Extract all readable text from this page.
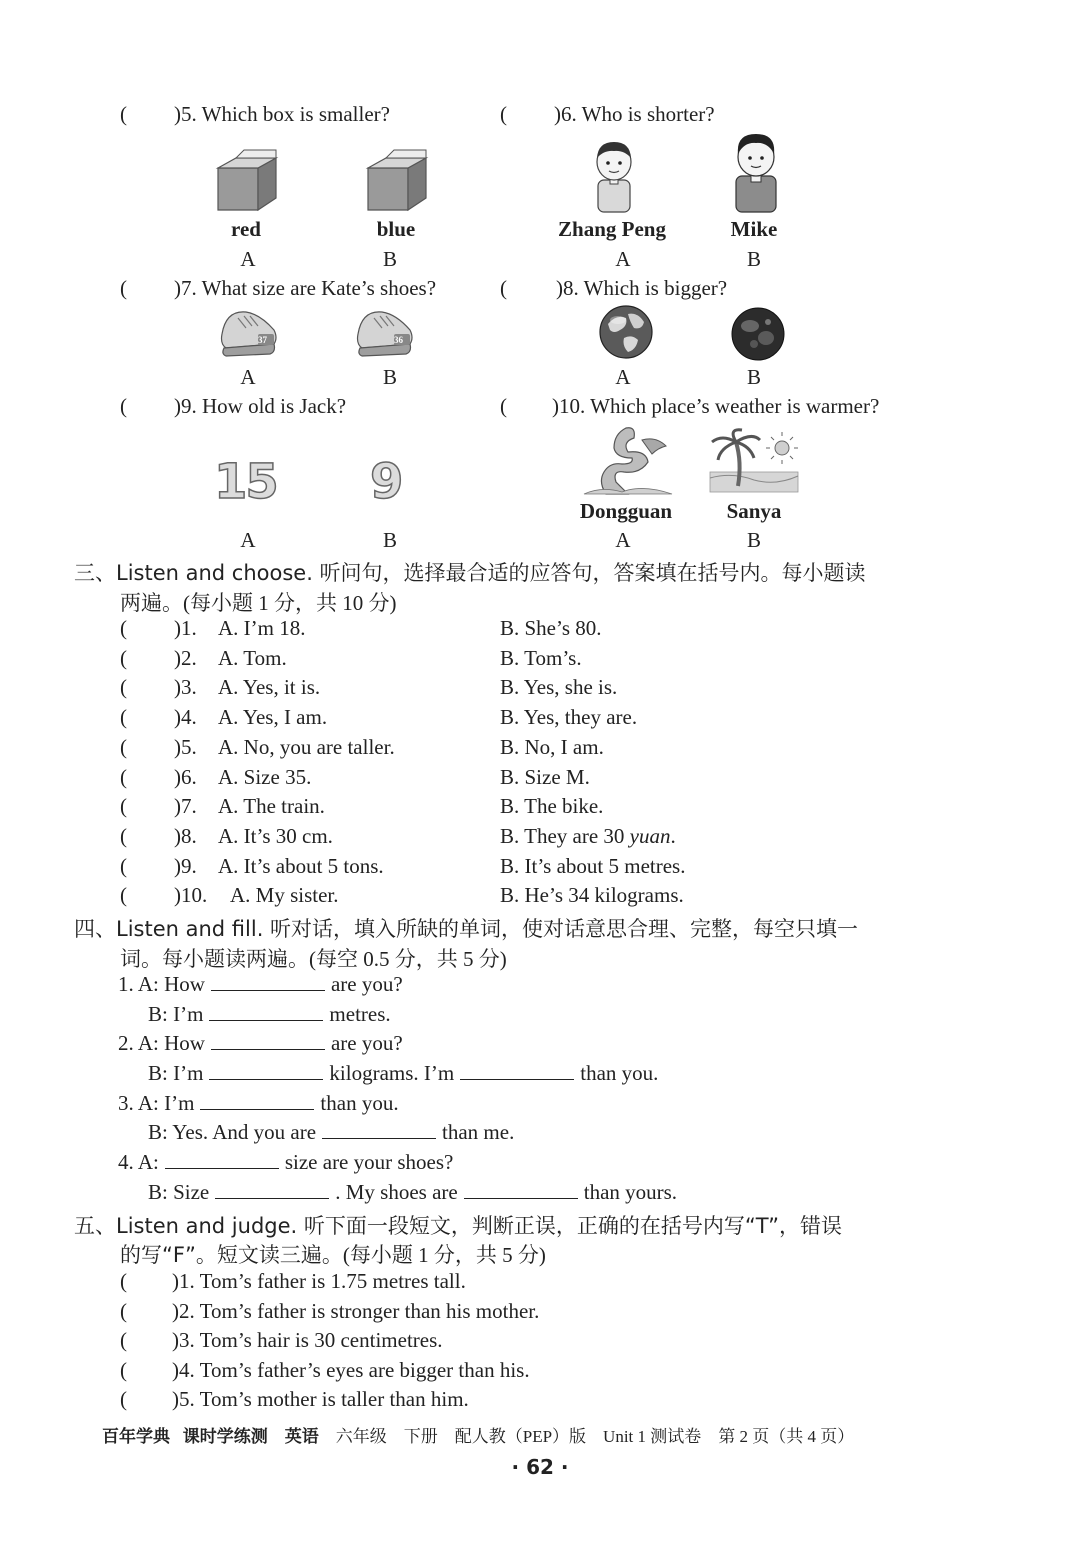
( )5. Which box is smaller?	( )6. Who is shorter?
red	blue
A	B
Zhang Peng	Mike
A	B
( )7. What size are Kate’s shoes?	( )8. Which is bigger?
37	36
A	B	A	B
( )9. How old is Jack?	( )10. Which place’s weather is warmer?
15 9
A	B
Dongguan	Sanya
A	B
三、Listen and choose. 听问句，选择最合适的应答句，答案填在括号内。每小题读
两遍。(每小题 1 分，共 10 分)
( )1. A. I’m 18.	B. She’s 80.
( )2. A. Tom.	B. Tom’s.
( )3. A. Yes, it is.	B. Yes, she is.
( )4. A. Yes, I am.	B. Yes, they are.
( )5. A. No, you are taller.	B. No, I am.
( )6. A. Size 35.	B. Size M.
( )7. A. The train.	B. The bike.
( )8. A. It’s 30 cm.	B. They are 30 yuan.
( )9. A. It’s about 5 tons.	B. It’s about 5 metres.
( )10. A. My sister.	B. He’s 34 kilograms.
四、Listen and fill. 听对话，填入所缺的单词，使对话意思合理、完整，每空只填一
词。每小题读两遍。(每空 0.5 分，共 5 分)
1. A: How	are you?
B: I’m	metres.
2. A: How	are you?
B: I’m	kilograms. I’m	than you.
3. A: I’m	than you.
B: Yes. And you are	than me.
4. A:	size are your shoes?
B: Size	. My shoes are	than yours.
五、Listen and judge. 听下面一段短文，判断正误，正确的在括号内写“T”，错误
的写“F”。短文读三遍。(每小题 1 分，共 5 分)
( )1. Tom’s father is 1.75 metres tall.
( )2. Tom’s father is stronger than his mother.
( )3. Tom’s hair is 30 centimetres.
( )4. Tom’s father’s eyes are bigger than his.
( )5. Tom’s mother is taller than him.
百年学典 课时学练测 英语 六年级 下册 配人教（PEP）版 Unit 1 测试卷 第 2 页（共 4 页）
· 62 ·
